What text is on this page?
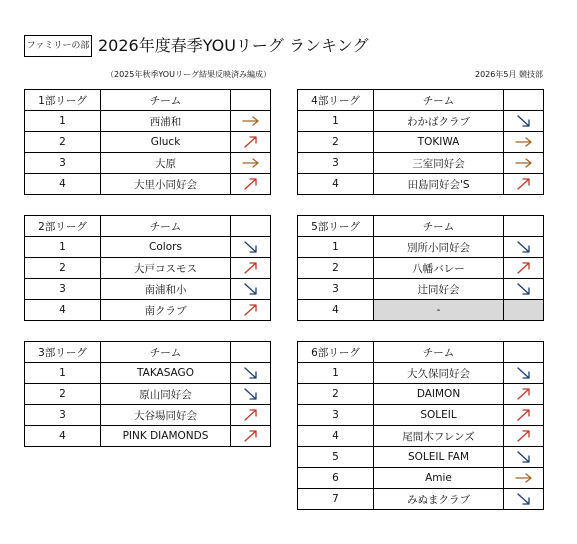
ファミリーの部 2026年度春季YOUリーグ ランキング
（2025年秋季YOUリーグ結果反映済み編成）	2026年5月 競技部
1部リーグ	チーム	
1	西浦和	

2	Gluck	

3	大原	

4	大里小同好会	
2部リーグ	チーム	
1	Colors	

2	大戸コスモス	

3	南浦和小	

4	南クラブ	
3部リーグ	チーム	
1	TAKASAGO	

2	原山同好会	

3	大谷場同好会	

4	PINK DIAMONDS	
4部リーグ	チーム	
1	わかばクラブ	

2	TOKIWA	

3	三室同好会	

4	田島同好会'S	
5部リーグ	チーム	
1	別所小同好会	

2	八幡バレー	

3	辻同好会	

4	-	
6部リーグ	チーム	
1	大久保同好会	

2	DAIMON	

3	SOLEIL	

4	尾間木フレンズ	

5	SOLEIL FAM	

6	Amie	

7	みぬまクラブ	
